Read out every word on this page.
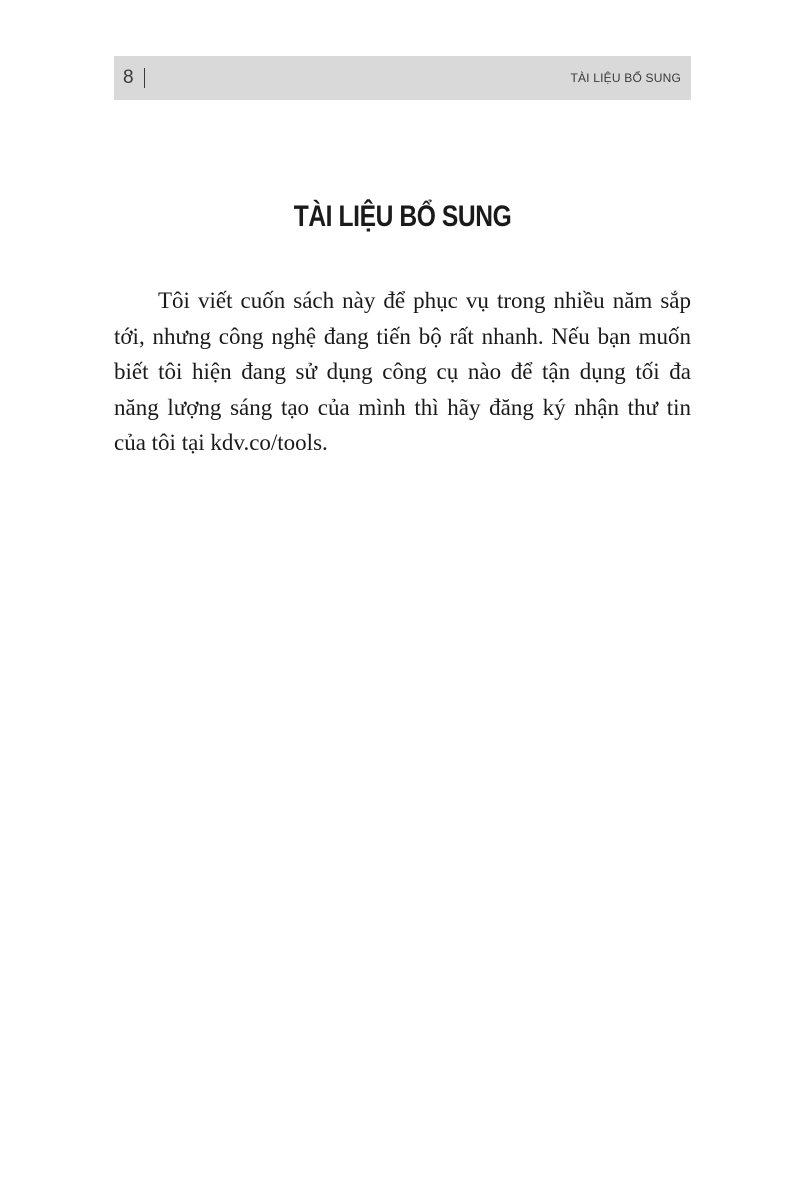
8	TÀI LIỆU BỔ SUNG
TÀI LIỆU BỔ SUNG

Tôi viết cuốn sách này để phục vụ trong nhiều năm sắp tới, nhưng công nghệ đang tiến bộ rất nhanh. Nếu bạn muốn biết tôi hiện đang sử dụng công cụ nào để tận dụng tối đa năng lượng sáng tạo của mình thì hãy đăng ký nhận thư tin của tôi tại kdv.co/tools.
